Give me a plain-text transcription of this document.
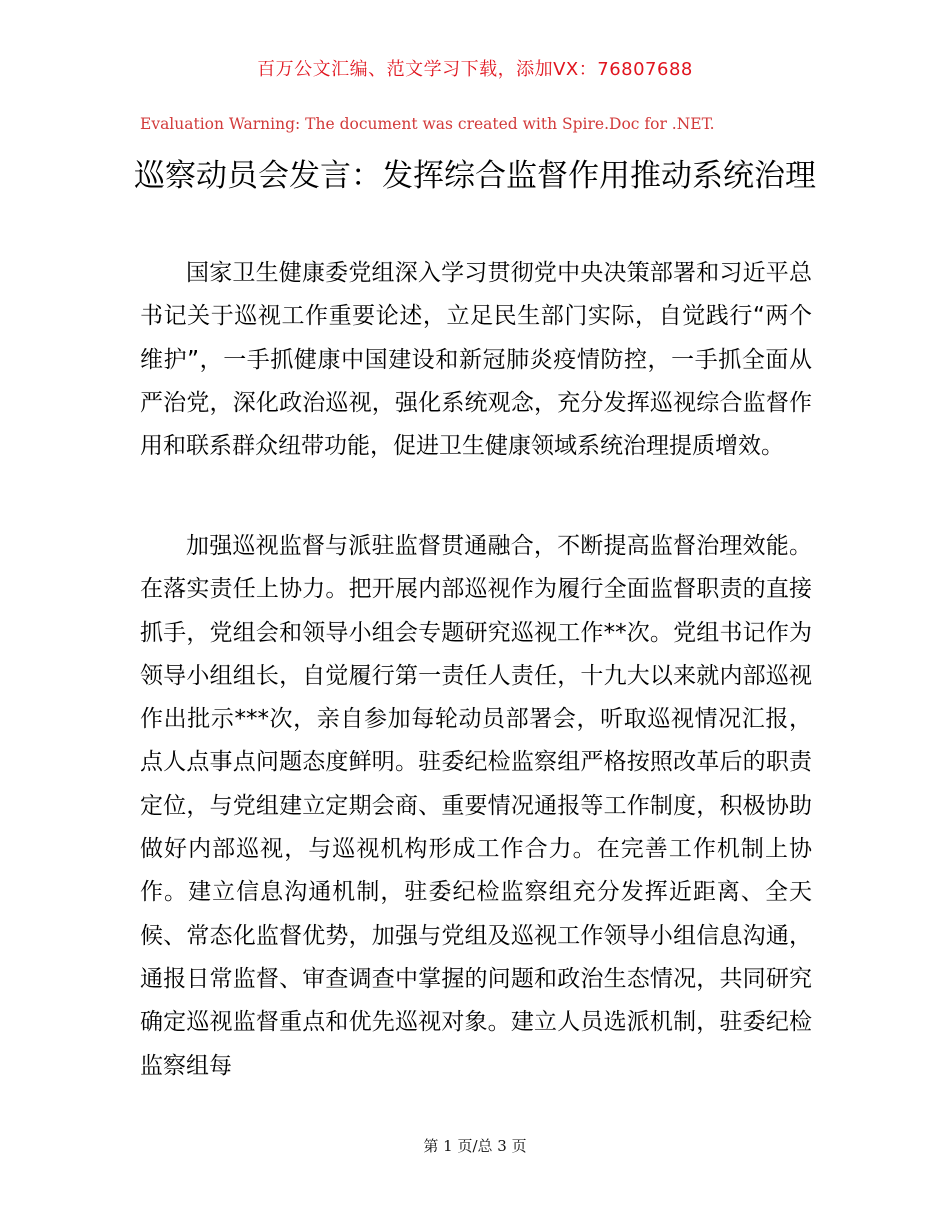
百万公文汇编、范文学习下载，添加VX：76807688
Evaluation Warning: The document was created with Spire.Doc for .NET.
巡察动员会发言：发挥综合监督作用推动系统治理

国家卫生健康委党组深入学习贯彻党中央决策部署和习近平总书记关于巡视工作重要论述，立足民生部门实际，自觉践行“两个维护”，一手抓健康中国建设和新冠肺炎疫情防控，一手抓全面从严治党，深化政治巡视，强化系统观念，充分发挥巡视综合监督作用和联系群众纽带功能，促进卫生健康领域系统治理提质增效。

加强巡视监督与派驻监督贯通融合，不断提高监督治理效能。在落实责任上协力。把开展内部巡视作为履行全面监督职责的直接抓手，党组会和领导小组会专题研究巡视工作**次。党组书记作为领导小组组长，自觉履行第一责任人责任，十九大以来就内部巡视作出批示***次，亲自参加每轮动员部署会，听取巡视情况汇报，点人点事点问题态度鲜明。驻委纪检监察组严格按照改革后的职责定位，与党组建立定期会商、重要情况通报等工作制度，积极协助做好内部巡视，与巡视机构形成工作合力。在完善工作机制上协作。建立信息沟通机制，驻委纪检监察组充分发挥近距离、全天候、常态化监督优势，加强与党组及巡视工作领导小组信息沟通，通报日常监督、审查调查中掌握的问题和政治生态情况，共同研究确定巡视监督重点和优先巡视对象。建立人员选派机制，驻委纪检监察组每

第 1 页/总 3 页
